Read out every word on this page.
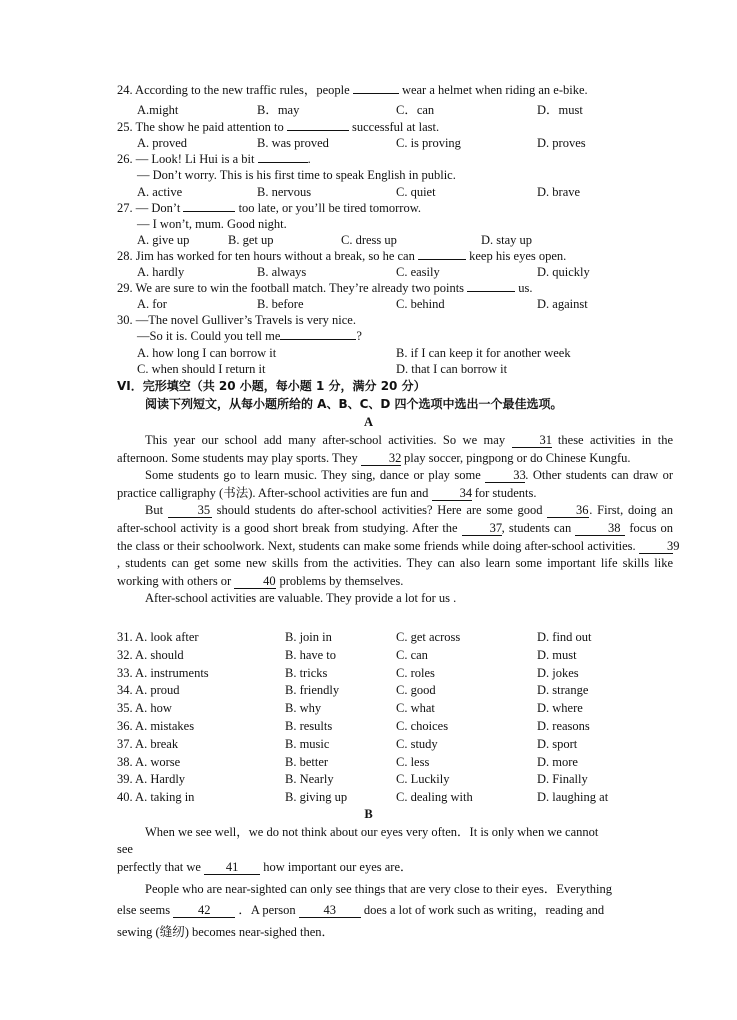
24. According to the new traffic rules，people	wear a helmet when riding an e-bike.
A.might	B．may	C．can	D．must
25. The show he paid attention to	successful at last.
A. proved	B. was proved	C. is proving	D. proves
26. — Look! Li Hui is a bit	.
— Don’t worry. This is his first time to speak English in public.
A. active	B. nervous	C. quiet	D. brave
27. — Don’t	too late, or you’ll be tired tomorrow.
— I won’t, mum. Good night.
A. give up	B. get up	C. dress up	D. stay up
28. Jim has worked for ten hours without a break, so he can	keep his eyes open.
A. hardly	B. always	C. easily	D. quickly
29. We are sure to win the football match. They’re already two points	us.
A. for	B. before	C. behind	D. against
30. —The novel Gulliver’s Travels is very nice.
—So it is. Could you tell me	?
A. how long I can borrow it	B. if I can keep it for another week
C. when should I return it	D. that I can borrow it
VI．完形填空（共 20 小题，每小题 1 分，满分 20 分）
阅读下列短文，从每小题所给的 A、B、C、D 四个选项中选出一个最佳选项。
A

This year our school add many after-school activities. So we may 31 these activities in the afternoon. Some students may play sports. They 32 play soccer, pingpong or do Chinese Kungfu.

Some students go to learn music. They sing, dance or play some 33. Other students can draw or practice calligraphy (书法). After-school activities are fun and 34 for students.

But 35 should students do after-school activities? Here are some good 36. First, doing an after-school activity is a good short break from studying. After the 37, students can	38 focus on the class or their schoolwork. Next, students can make some friends while doing after-school activities. 39, students can get some new skills from the activities. They can also learn some important life skills like working with others or 40 problems by themselves.

After-school activities are valuable. They provide a lot for us .

31. A. look after	B. join in	C. get across	D. find out
32. A. should	B. have to	C. can	D. must
33. A. instruments	B. tricks	C. roles	D. jokes
34. A. proud	B. friendly	C. good	D. strange
35. A. how	B. why	C. what	D. where
36. A. mistakes	B. results	C. choices	D. reasons
37. A. break	B. music	C. study	D. sport
38. A. worse	B. better	C. less	D. more
39. A. Hardly	B. Nearly	C. Luckily	D. Finally
40. A. taking in	B. giving up	C. dealing with	D. laughing at
B
When we see well，we do not think about our eyes very often．It is only when we cannot
see
perfectly that we 41 how important our eyes are．
People who are near-sighted can only see things that are very close to their eyes．Everything
else seems 42 ．A person 43 does a lot of work such as writing，reading and
sewing (缝纫) becomes near-sighed then．
